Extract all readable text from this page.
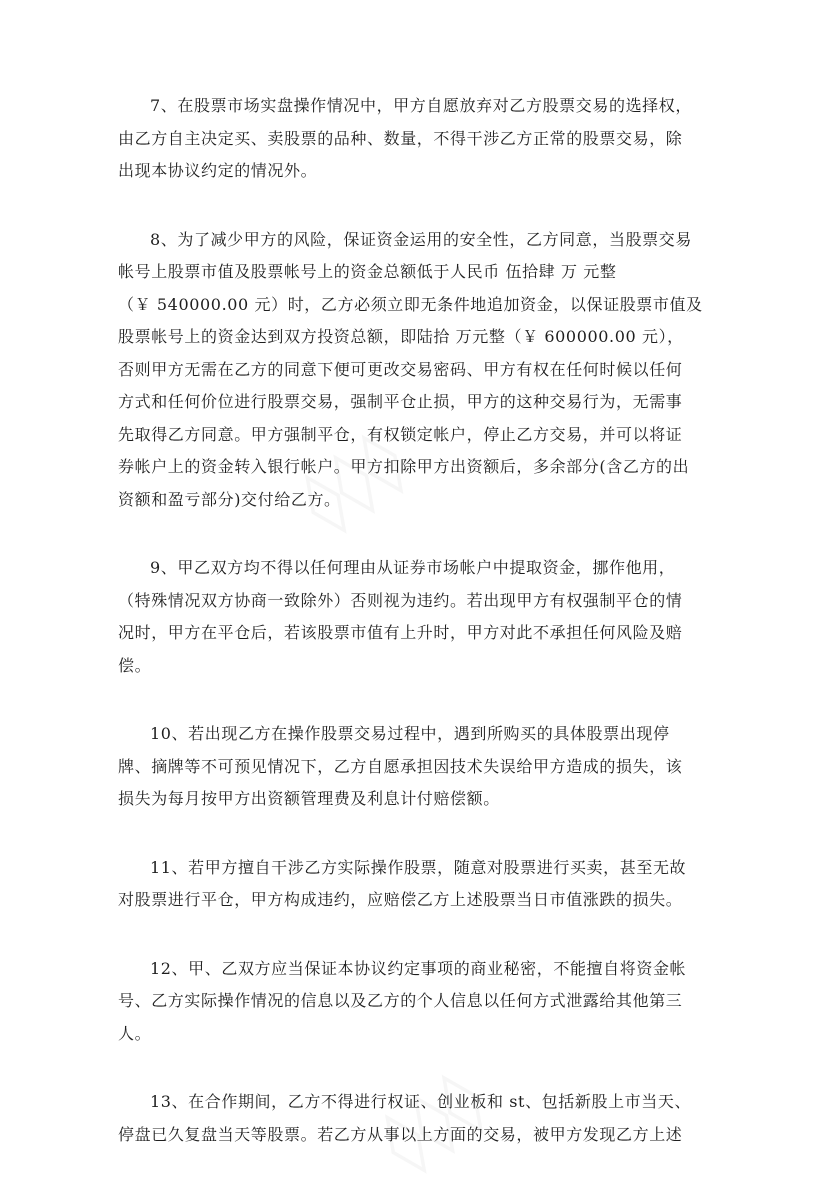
7、在股票市场实盘操作情况中，甲方自愿放弃对乙方股票交易的选择权，
由乙方自主决定买、卖股票的品种、数量，不得干涉乙方正常的股票交易，除
出现本协议约定的情况外。

8、为了减少甲方的风险，保证资金运用的安全性，乙方同意，当股票交易
帐号上股票市值及股票帐号上的资金总额低于人民币 伍拾肆 万 元整
（￥ 540000.00 元）时，乙方必须立即无条件地追加资金，以保证股票市值及
股票帐号上的资金达到双方投资总额，即陆拾 万元整（￥ 600000.00 元），
否则甲方无需在乙方的同意下便可更改交易密码、甲方有权在任何时候以任何
方式和任何价位进行股票交易，强制平仓止损，甲方的这种交易行为，无需事
先取得乙方同意。甲方强制平仓，有权锁定帐户，停止乙方交易，并可以将证
券帐户上的资金转入银行帐户。甲方扣除甲方出资额后，多余部分(含乙方的出
资额和盈亏部分)交付给乙方。

9、甲乙双方均不得以任何理由从证券市场帐户中提取资金，挪作他用，
（特殊情况双方协商一致除外）否则视为违约。若出现甲方有权强制平仓的情
况时，甲方在平仓后，若该股票市值有上升时，甲方对此不承担任何风险及赔
偿。

10、若出现乙方在操作股票交易过程中，遇到所购买的具体股票出现停
牌、摘牌等不可预见情况下，乙方自愿承担因技术失误给甲方造成的损失，该
损失为每月按甲方出资额管理费及利息计付赔偿额。

11、若甲方擅自干涉乙方实际操作股票，随意对股票进行买卖，甚至无故
对股票进行平仓，甲方构成违约，应赔偿乙方上述股票当日市值涨跌的损失。

12、甲、乙双方应当保证本协议约定事项的商业秘密，不能擅自将资金帐
号、乙方实际操作情况的信息以及乙方的个人信息以任何方式泄露给其他第三
人。

13、在合作期间，乙方不得进行权证、创业板和 st、包括新股上市当天、
停盘已久复盘当天等股票。若乙方从事以上方面的交易，被甲方发现乙方上述
